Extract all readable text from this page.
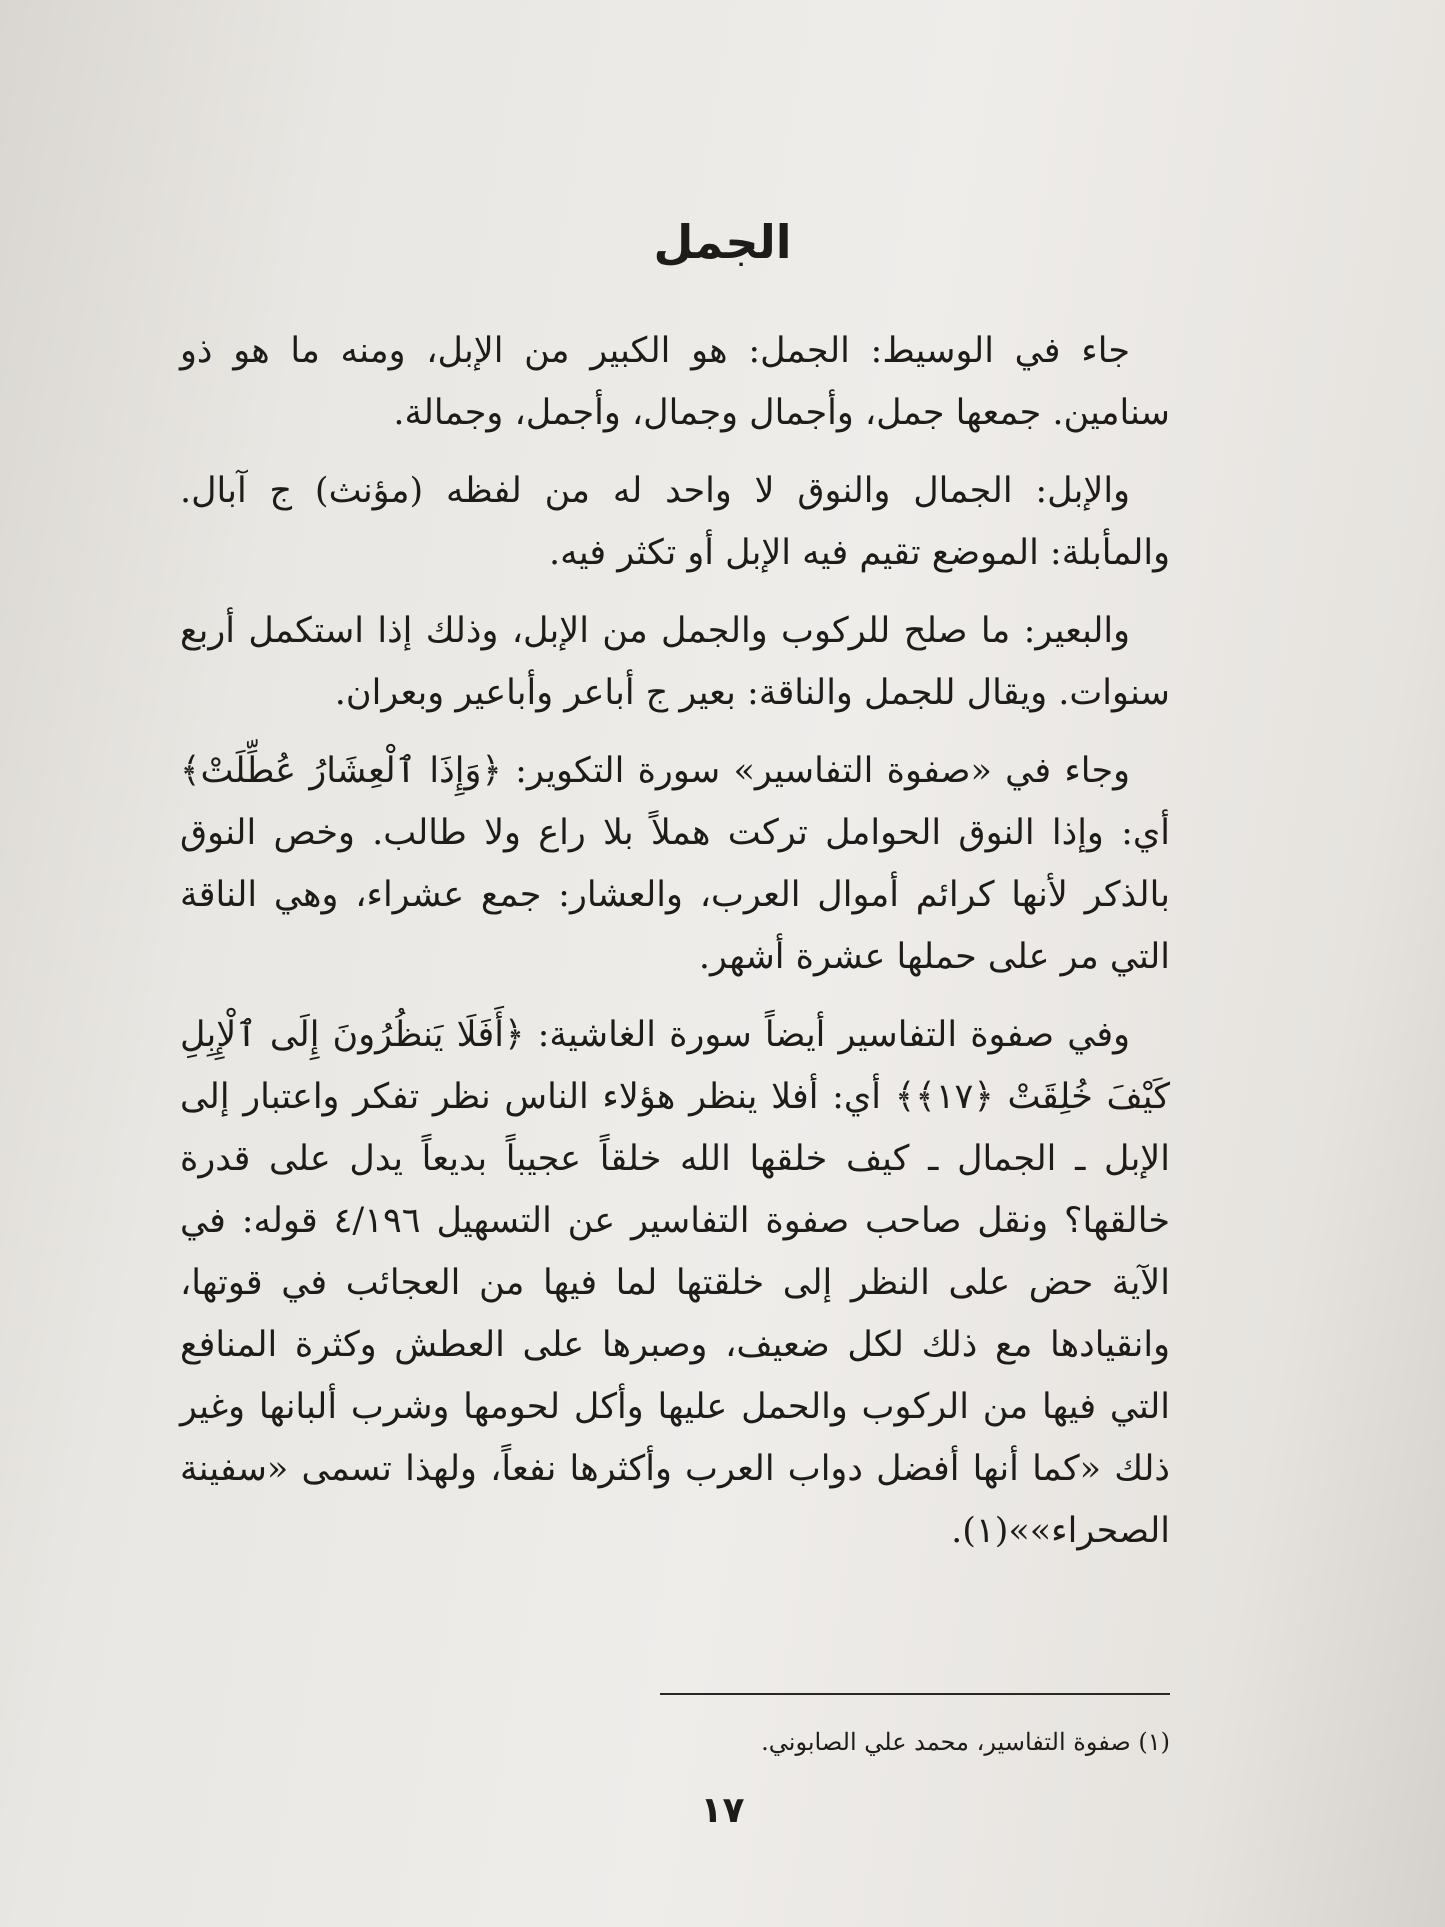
الجمل

جاء في الوسيط: الجمل: هو الكبير من الإبل، ومنه ما هو ذو سنامين. جمعها جمل، وأجمال وجمال، وأجمل، وجمالة.

والإبل: الجمال والنوق لا واحد له من لفظه (مؤنث) ج آبال. والمأبلة: الموضع تقيم فيه الإبل أو تكثر فيه.

والبعير: ما صلح للركوب والجمل من الإبل، وذلك إذا استكمل أربع سنوات. ويقال للجمل والناقة: بعير ج أباعر وأباعير وبعران.

وجاء في «صفوة التفاسير» سورة التكوير: ﴿وَإِذَا ٱلْعِشَارُ عُطِّلَتْ﴾ أي: وإذا النوق الحوامل تركت هملاً بلا راع ولا طالب. وخص النوق بالذكر لأنها كرائم أموال العرب، والعشار: جمع عشراء، وهي الناقة التي مر على حملها عشرة أشهر.

وفي صفوة التفاسير أيضاً سورة الغاشية: ﴿أَفَلَا يَنظُرُونَ إِلَى ٱلْإِبِلِ كَيْفَ خُلِقَتْ ﴿١٧﴾﴾ أي: أفلا ينظر هؤلاء الناس نظر تفكر واعتبار إلى الإبل ـ الجمال ـ كيف خلقها الله خلقاً عجيباً بديعاً يدل على قدرة خالقها؟ ونقل صاحب صفوة التفاسير عن التسهيل ٤/١٩٦ قوله: في الآية حض على النظر إلى خلقتها لما فيها من العجائب في قوتها، وانقيادها مع ذلك لكل ضعيف، وصبرها على العطش وكثرة المنافع التي فيها من الركوب والحمل عليها وأكل لحومها وشرب ألبانها وغير ذلك «كما أنها أفضل دواب العرب وأكثرها نفعاً، ولهذا تسمى «سفينة الصحراء»»(١).

(١) صفوة التفاسير، محمد علي الصابوني.
١٧
